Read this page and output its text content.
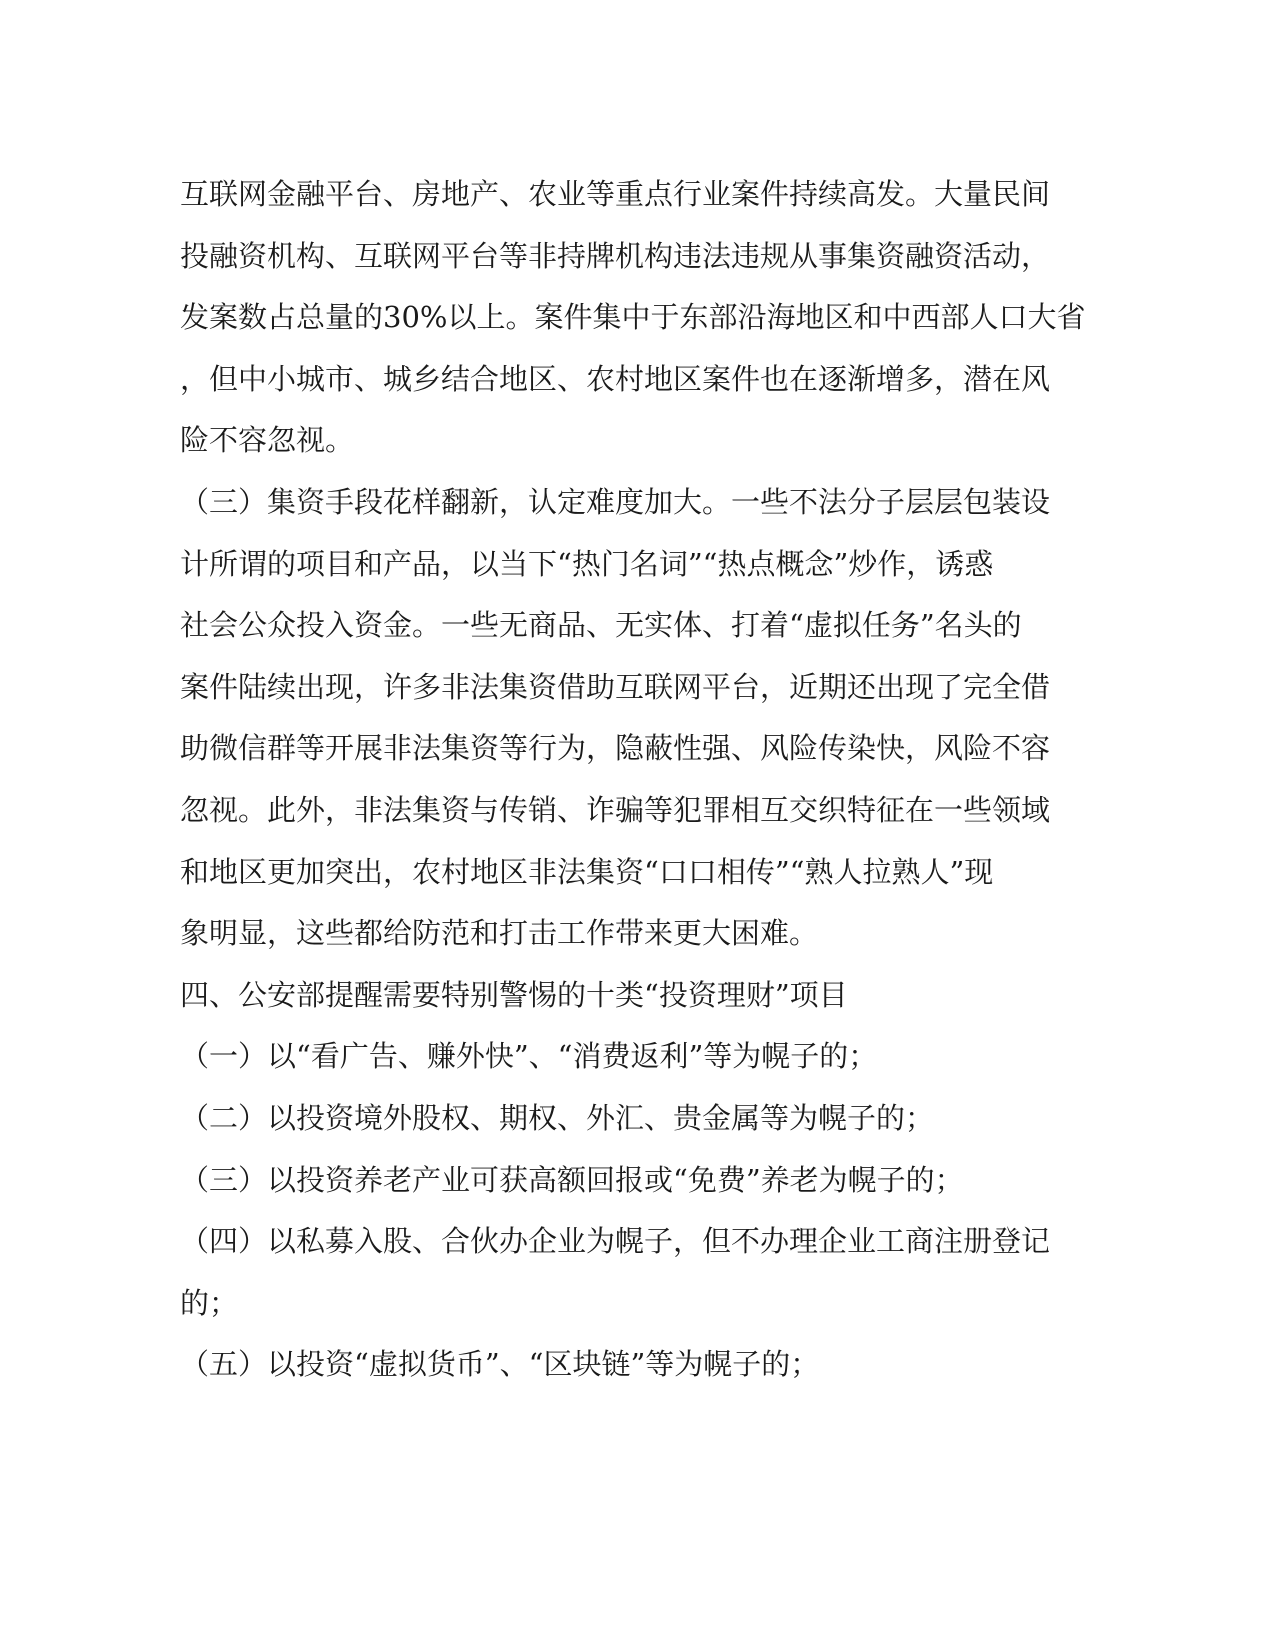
互联网金融平台、房地产、农业等重点行业案件持续高发。大量民间
投融资机构、互联网平台等非持牌机构违法违规从事集资融资活动，
发案数占总量的30%以上。案件集中于东部沿海地区和中西部人口大省
，但中小城市、城乡结合地区、农村地区案件也在逐渐增多，潜在风
险不容忽视。
（三）集资手段花样翻新，认定难度加大。一些不法分子层层包装设
计所谓的项目和产品，以当下“热门名词”“热点概念”炒作，诱惑
社会公众投入资金。一些无商品、无实体、打着“虚拟任务”名头的
案件陆续出现，许多非法集资借助互联网平台，近期还出现了完全借
助微信群等开展非法集资等行为，隐蔽性强、风险传染快，风险不容
忽视。此外，非法集资与传销、诈骗等犯罪相互交织特征在一些领域
和地区更加突出，农村地区非法集资“口口相传”“熟人拉熟人”现
象明显，这些都给防范和打击工作带来更大困难。
四、公安部提醒需要特别警惕的十类“投资理财”项目
（一）以“看广告、赚外快”、“消费返利”等为幌子的；
（二）以投资境外股权、期权、外汇、贵金属等为幌子的；
（三）以投资养老产业可获高额回报或“免费”养老为幌子的；
（四）以私募入股、合伙办企业为幌子，但不办理企业工商注册登记
的；
（五）以投资“虚拟货币”、“区块链”等为幌子的；
